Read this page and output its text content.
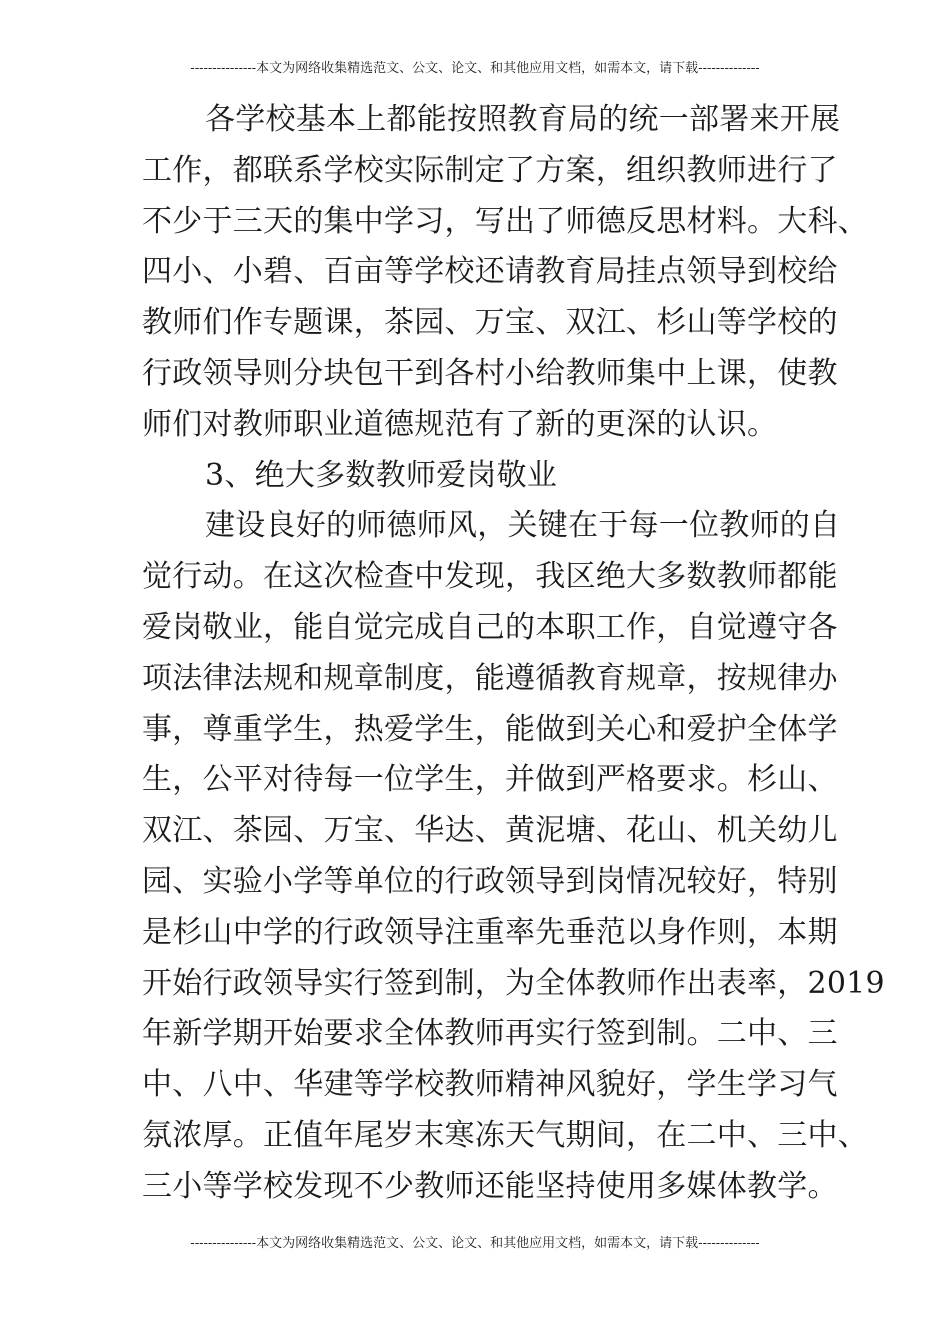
---------------本文为网络收集精选范文、公文、论文、和其他应用文档，如需本文，请下载--------------
各学校基本上都能按照教育局的统一部署来开展
工作，都联系学校实际制定了方案，组织教师进行了
不少于三天的集中学习，写出了师德反思材料。大科、
四小、小碧、百亩等学校还请教育局挂点领导到校给
教师们作专题课，茶园、万宝、双江、杉山等学校的
行政领导则分块包干到各村小给教师集中上课，使教
师们对教师职业道德规范有了新的更深的认识。
3、绝大多数教师爱岗敬业
建设良好的师德师风，关键在于每一位教师的自
觉行动。在这次检查中发现，我区绝大多数教师都能
爱岗敬业，能自觉完成自己的本职工作，自觉遵守各
项法律法规和规章制度，能遵循教育规章，按规律办
事，尊重学生，热爱学生，能做到关心和爱护全体学
生，公平对待每一位学生，并做到严格要求。杉山、
双江、茶园、万宝、华达、黄泥塘、花山、机关幼儿
园、实验小学等单位的行政领导到岗情况较好，特别
是杉山中学的行政领导注重率先垂范以身作则，本期
开始行政领导实行签到制，为全体教师作出表率，2019
年新学期开始要求全体教师再实行签到制。二中、三
中、八中、华建等学校教师精神风貌好，学生学习气
氛浓厚。正值年尾岁末寒冻天气期间，在二中、三中、
三小等学校发现不少教师还能坚持使用多媒体教学。
---------------本文为网络收集精选范文、公文、论文、和其他应用文档，如需本文，请下载--------------
